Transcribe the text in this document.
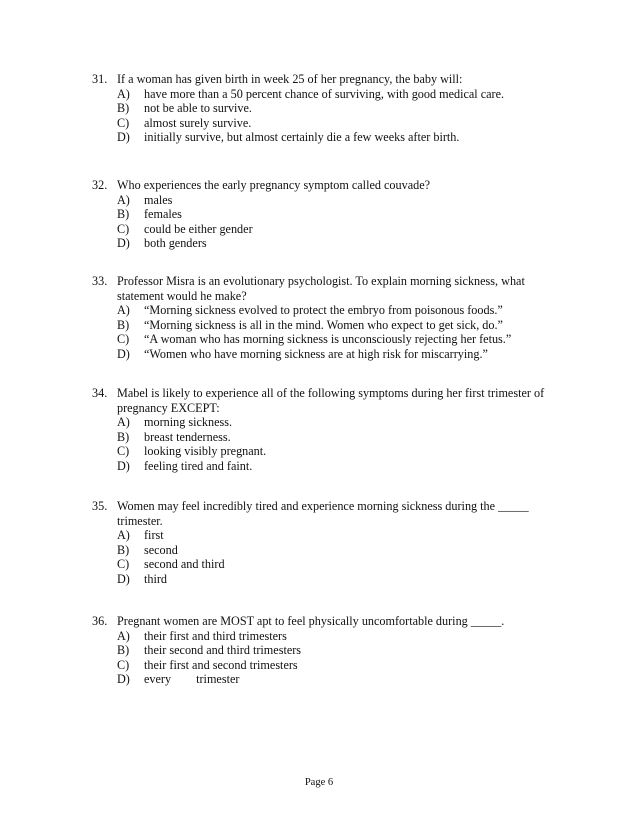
31. If a woman has given birth in week 25 of her pregnancy, the baby will:
A)	have more than a 50 percent chance of surviving, with good medical care.
B)	not be able to survive.
C)	almost surely survive.
D)	initially survive, but almost certainly die a few weeks after birth.
32. Who experiences the early pregnancy symptom called couvade?
A)	males
B)	females
C)	could be either gender
D)	both genders
33. Professor Misra is an evolutionary psychologist. To explain morning sickness, what statement would he make?
A)	“Morning sickness evolved to protect the embryo from poisonous foods.”
B)	“Morning sickness is all in the mind. Women who expect to get sick, do.”
C)	“A woman who has morning sickness is unconsciously rejecting her fetus.”
D)	“Women who have morning sickness are at high risk for miscarrying.”
34. Mabel is likely to experience all of the following symptoms during her first trimester of pregnancy EXCEPT:
A)	morning sickness.
B)	breast tenderness.
C)	looking visibly pregnant.
D)	feeling tired and faint.
35. Women may feel incredibly tired and experience morning sickness during the _____ trimester.
A)	first
B)	second
C)	second and third
D)	third
36. Pregnant women are MOST apt to feel physically uncomfortable during _____.
A)	their first and third trimesters
B)	their second and third trimesters
C)	their first and second trimesters
D)	every trimester
Page 6
